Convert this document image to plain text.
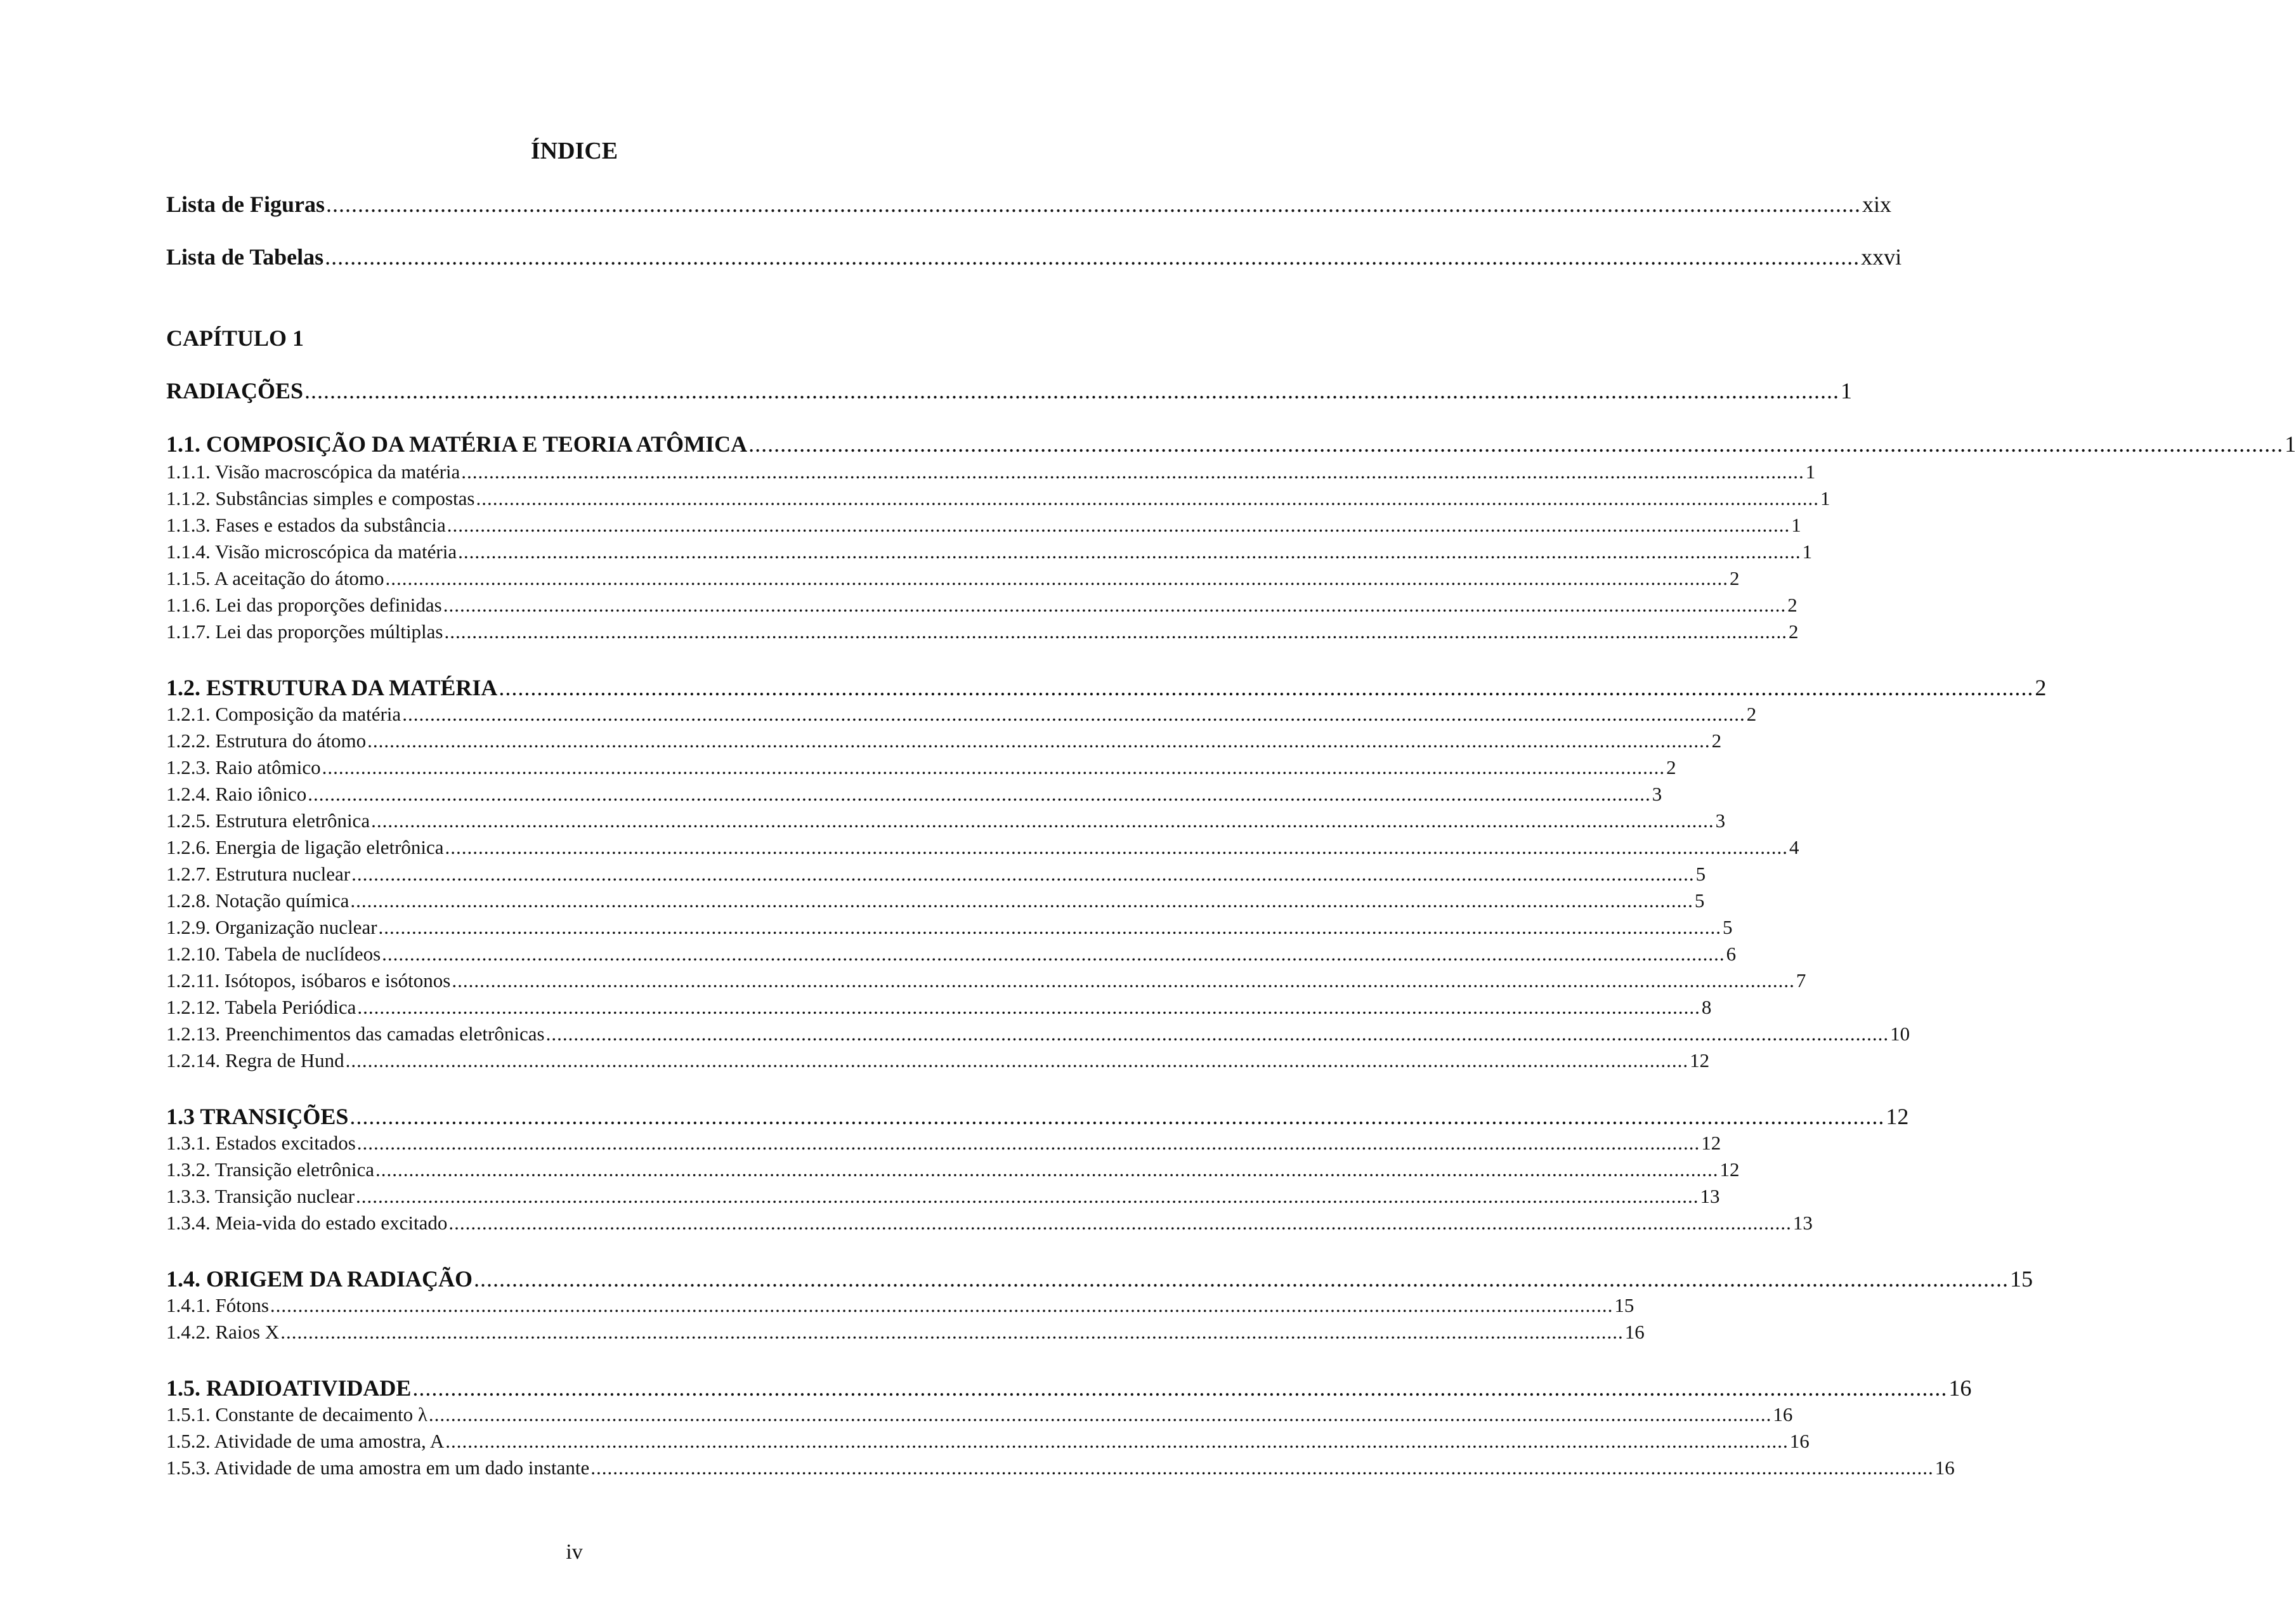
ÍNDICE
Lista de Figuras .................................................................................................................................................................................................................................................. xix
Lista de Tabelas .................................................................................................................................................................................................................................................. xxvi
CAPÍTULO 1
RADIAÇÕES .................................................................................................................................................................................................................................................. 1
1.1. COMPOSIÇÃO DA MATÉRIA E TEORIA ATÔMICA .................................................................................................................................................................................................................................................. 1
1.1.1. Visão macroscópica da matéria .................................................................................................................................................................................................................................................. 1
1.1.2. Substâncias simples e compostas .................................................................................................................................................................................................................................................. 1
1.1.3. Fases e estados da substância .................................................................................................................................................................................................................................................. 1
1.1.4. Visão microscópica da matéria .................................................................................................................................................................................................................................................. 1
1.1.5. A aceitação do átomo .................................................................................................................................................................................................................................................. 2
1.1.6. Lei das proporções definidas .................................................................................................................................................................................................................................................. 2
1.1.7. Lei das proporções múltiplas .................................................................................................................................................................................................................................................. 2
1.2. ESTRUTURA DA MATÉRIA .................................................................................................................................................................................................................................................. 2
1.2.1. Composição da matéria .................................................................................................................................................................................................................................................. 2
1.2.2. Estrutura do átomo .................................................................................................................................................................................................................................................. 2
1.2.3. Raio atômico .................................................................................................................................................................................................................................................. 2
1.2.4. Raio iônico .................................................................................................................................................................................................................................................. 3
1.2.5. Estrutura eletrônica .................................................................................................................................................................................................................................................. 3
1.2.6. Energia de ligação eletrônica .................................................................................................................................................................................................................................................. 4
1.2.7. Estrutura nuclear .................................................................................................................................................................................................................................................. 5
1.2.8. Notação química .................................................................................................................................................................................................................................................. 5
1.2.9. Organização nuclear .................................................................................................................................................................................................................................................. 5
1.2.10. Tabela de nuclídeos .................................................................................................................................................................................................................................................. 6
1.2.11. Isótopos, isóbaros e isótonos .................................................................................................................................................................................................................................................. 7
1.2.12. Tabela Periódica .................................................................................................................................................................................................................................................. 8
1.2.13. Preenchimentos das camadas eletrônicas .................................................................................................................................................................................................................................................. 10
1.2.14. Regra de Hund .................................................................................................................................................................................................................................................. 12
1.3 TRANSIÇÕES .................................................................................................................................................................................................................................................. 12
1.3.1. Estados excitados .................................................................................................................................................................................................................................................. 12
1.3.2. Transição eletrônica .................................................................................................................................................................................................................................................. 12
1.3.3. Transição nuclear .................................................................................................................................................................................................................................................. 13
1.3.4. Meia-vida do estado excitado .................................................................................................................................................................................................................................................. 13
1.4. ORIGEM DA RADIAÇÃO .................................................................................................................................................................................................................................................. 15
1.4.1. Fótons .................................................................................................................................................................................................................................................. 15
1.4.2. Raios X .................................................................................................................................................................................................................................................. 16
1.5. RADIOATIVIDADE .................................................................................................................................................................................................................................................. 16
1.5.1. Constante de decaimento λ .................................................................................................................................................................................................................................................. 16
1.5.2. Atividade de uma amostra, A .................................................................................................................................................................................................................................................. 16
1.5.3. Atividade de uma amostra em um dado instante .................................................................................................................................................................................................................................................. 16
iv
